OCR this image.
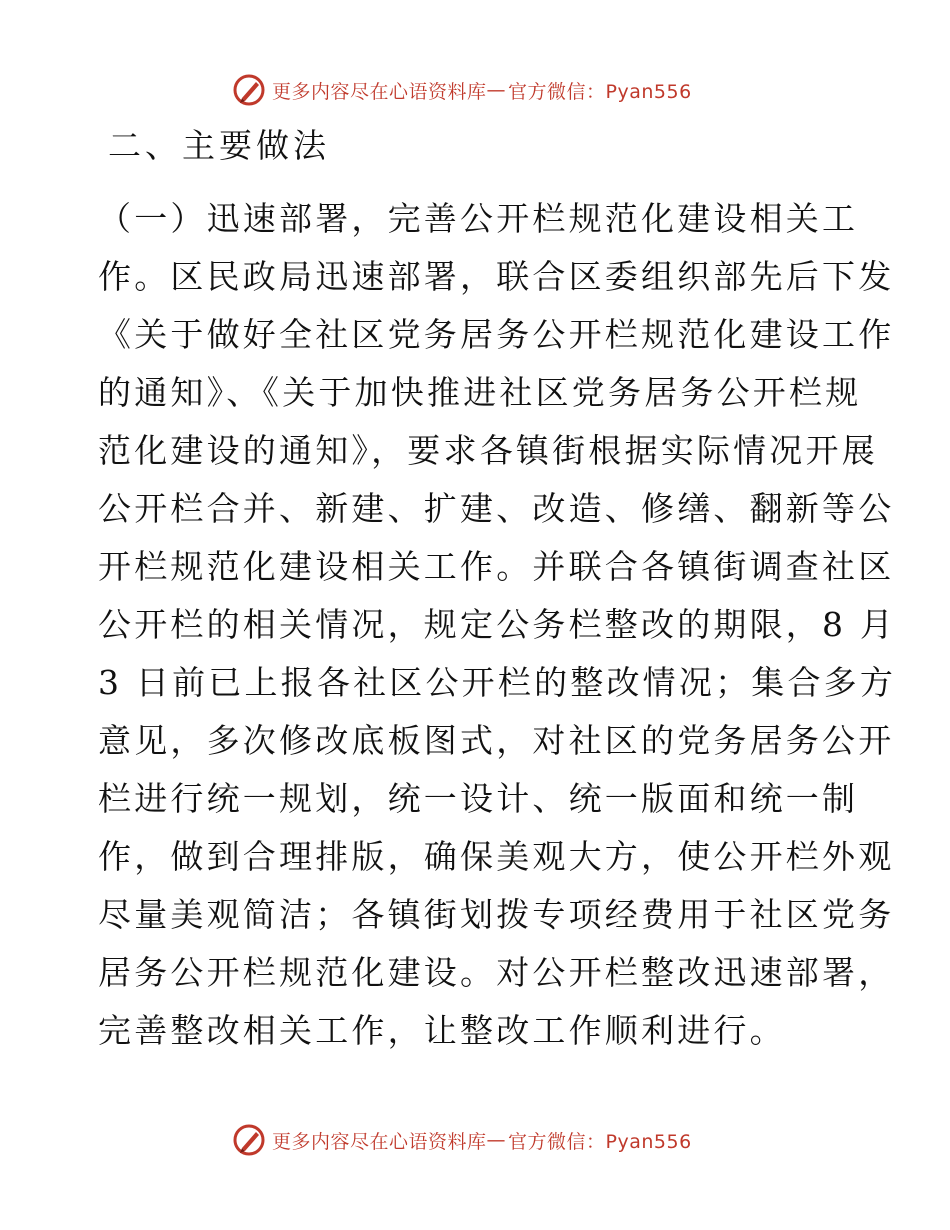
更多内容尽在心语资料库 — 官方微信：Pyan556
二、主要做法
（一）迅速部署，完善公开栏规范化建设相关工
作。区民政局迅速部署，联合区委组织部先后下发
《关于做好全社区党务居务公开栏规范化建设工作
的通知》、《关于加快推进社区党务居务公开栏规
范化建设的通知》，要求各镇街根据实际情况开展
公开栏合并、新建、扩建、改造、修缮、翻新等公
开栏规范化建设相关工作。并联合各镇街调查社区
公开栏的相关情况，规定公务栏整改的期限，8 月
3 日前已上报各社区公开栏的整改情况；集合多方
意见，多次修改底板图式，对社区的党务居务公开
栏进行统一规划，统一设计、统一版面和统一制
作，做到合理排版，确保美观大方，使公开栏外观
尽量美观简洁；各镇街划拨专项经费用于社区党务
居务公开栏规范化建设。对公开栏整改迅速部署，
完善整改相关工作，让整改工作顺利进行。
更多内容尽在心语资料库 — 官方微信：Pyan556
